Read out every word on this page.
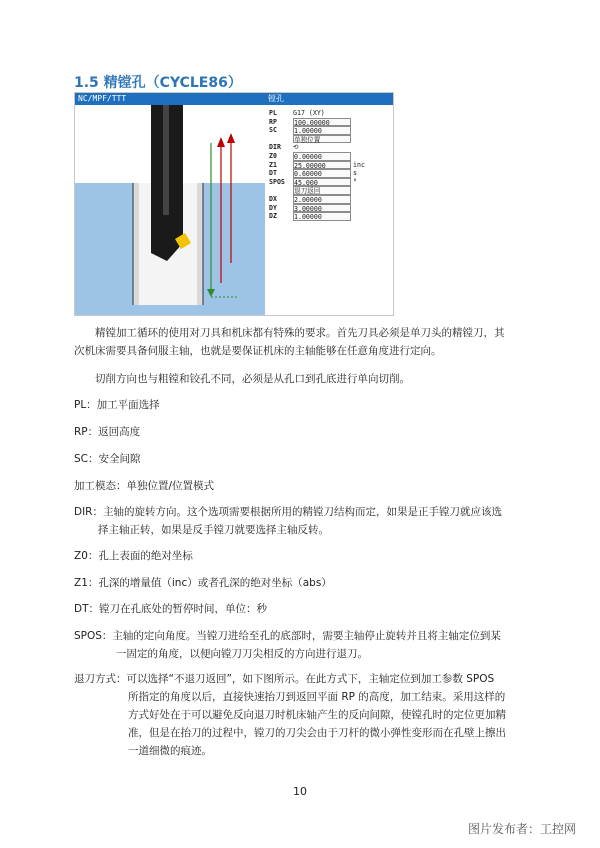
1.5 精镗孔（CYCLE86）
NC/MPF/TTT	镗孔
PL	G17 (XY)
RP	100.00000
SC	1.00000
单独位置
DIR	⟲
Z0	0.00000
Z1	25.00000	inc
DT	0.60000	s
SPOS	45.000	°
退刀返回
DX	2.00000
DY	3.00000
DZ	1.00000
精镗加工循环的使用对刀具和机床都有特殊的要求。首先刀具必须是单刀头的精镗刀，其
次机床需要具备伺服主轴，也就是要保证机床的主轴能够在任意角度进行定向。
切削方向也与粗镗和铰孔不同，必须是从孔口到孔底进行单向切削。
PL：加工平面选择
RP：返回高度
SC：安全间隙
加工模态：单独位置/位置模式
DIR：主轴的旋转方向。这个选项需要根据所用的精镗刀结构而定，如果是正手镗刀就应该选
择主轴正转，如果是反手镗刀就要选择主轴反转。
Z0：孔上表面的绝对坐标
Z1：孔深的增量值（inc）或者孔深的绝对坐标（abs）
DT：镗刀在孔底处的暂停时间，单位：秒
SPOS：主轴的定向角度。当镗刀进给至孔的底部时，需要主轴停止旋转并且将主轴定位到某
一固定的角度，以便向镗刀刀尖相反的方向进行退刀。
退刀方式：可以选择“不退刀返回”，如下图所示。在此方式下，主轴定位到加工参数 SPOS
所指定的角度以后，直接快速抬刀到返回平面 RP 的高度，加工结束。采用这样的
方式好处在于可以避免反向退刀时机床轴产生的反向间隙，使镗孔时的定位更加精
准，但是在抬刀的过程中，镗刀的刀尖会由于刀杆的微小弹性变形而在孔壁上擦出
一道细微的痕迹。
10
图片发布者：工控网
